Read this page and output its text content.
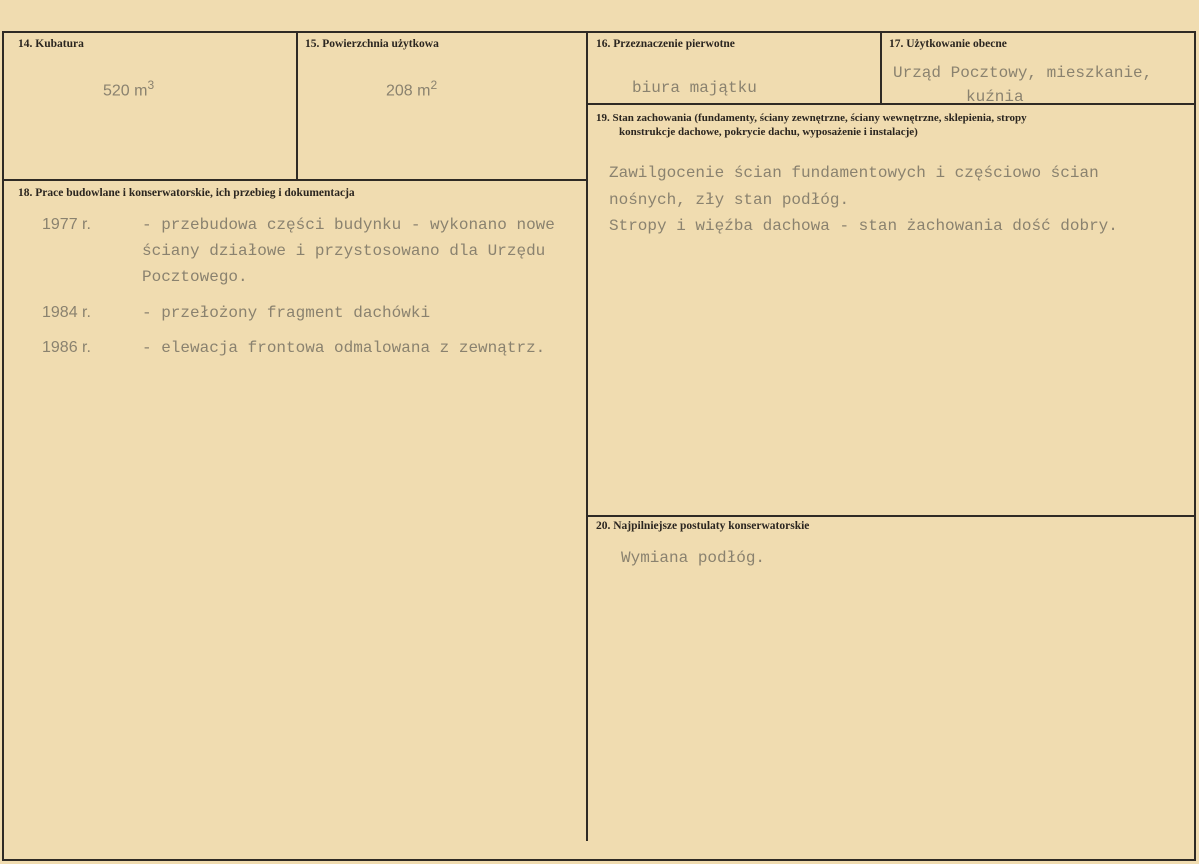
14. Kubatura
520 $m^3$
15. Powierzchnia użytkowa
208 $m^2$
16. Przeznaczenie pierwotne
biura majątku
17. Użytkowanie obecne
Urząd Pocztowy, mieszkanie,
kuźnia
18. Prace budowlane i konserwatorskie, ich przebieg i dokumentacja
1977 r.	- przebudowa części budynku - wykonano nowe ściany działowe i przystosowano dla Urzędu Pocztowego.
1984 r.	- przełożony fragment dachówki
1986 r.	- elewacja frontowa odmalowana z zewnątrz.
19. Stan zachowania (fundamenty, ściany zewnętrzne, ściany wewnętrzne, sklepienia, stropy
konstrukcje dachowe, pokrycie dachu, wyposażenie i instalacje)
Zawilgocenie ścian fundamentowych i częściowo ścian
nośnych, zły stan podłóg.
Stropy i więźba dachowa - stan żachowania dość dobry.
20. Najpilniejsze postulaty konserwatorskie
Wymiana podłóg.
